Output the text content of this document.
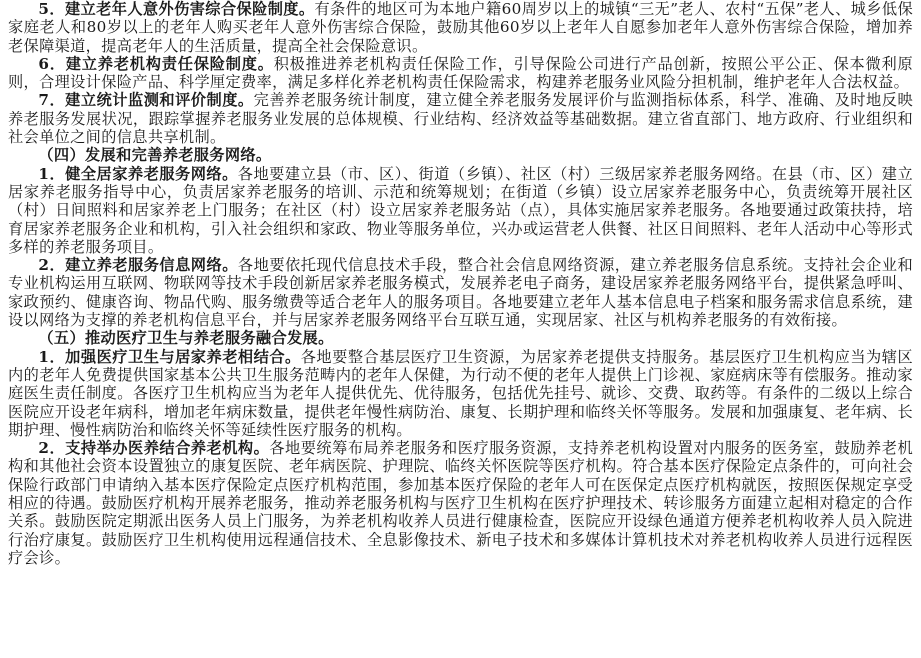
5．建立老年人意外伤害综合保险制度。有条件的地区可为本地户籍60周岁以上的城镇“三无”老人、农村“五保”老人、城乡低保家庭老人和80岁以上的老年人购买老年人意外伤害综合保险，鼓励其他60岁以上老年人自愿参加老年人意外伤害综合保险，增加养老保障渠道，提高老年人的生活质量，提高全社会保险意识。

6．建立养老机构责任保险制度。积极推进养老机构责任保险工作，引导保险公司进行产品创新，按照公平公正、保本微利原则，合理设计保险产品、科学厘定费率，满足多样化养老机构责任保险需求，构建养老服务业风险分担机制，维护老年人合法权益。

7．建立统计监测和评价制度。完善养老服务统计制度，建立健全养老服务发展评价与监测指标体系，科学、准确、及时地反映养老服务发展状况，跟踪掌握养老服务业发展的总体规模、行业结构、经济效益等基础数据。建立省直部门、地方政府、行业组织和社会单位之间的信息共享机制。

（四）发展和完善养老服务网络。

1．健全居家养老服务网络。各地要建立县（市、区）、街道（乡镇）、社区（村）三级居家养老服务网络。在县（市、区）建立居家养老服务指导中心，负责居家养老服务的培训、示范和统筹规划；在街道（乡镇）设立居家养老服务中心，负责统筹开展社区（村）日间照料和居家养老上门服务；在社区（村）设立居家养老服务站（点），具体实施居家养老服务。各地要通过政策扶持，培育居家养老服务企业和机构，引入社会组织和家政、物业等服务单位，兴办或运营老人供餐、社区日间照料、老年人活动中心等形式多样的养老服务项目。

2．建立养老服务信息网络。各地要依托现代信息技术手段，整合社会信息网络资源，建立养老服务信息系统。支持社会企业和专业机构运用互联网、物联网等技术手段创新居家养老服务模式，发展养老电子商务，建设居家养老服务网络平台，提供紧急呼叫、家政预约、健康咨询、物品代购、服务缴费等适合老年人的服务项目。各地要建立老年人基本信息电子档案和服务需求信息系统，建设以网络为支撑的养老机构信息平台，并与居家养老服务网络平台互联互通，实现居家、社区与机构养老服务的有效衔接。

（五）推动医疗卫生与养老服务融合发展。

1．加强医疗卫生与居家养老相结合。各地要整合基层医疗卫生资源，为居家养老提供支持服务。基层医疗卫生机构应当为辖区内的老年人免费提供国家基本公共卫生服务范畴内的老年人保健，为行动不便的老年人提供上门诊视、家庭病床等有偿服务。推动家庭医生责任制度。各医疗卫生机构应当为老年人提供优先、优待服务，包括优先挂号、就诊、交费、取药等。有条件的二级以上综合医院应开设老年病科，增加老年病床数量，提供老年慢性病防治、康复、长期护理和临终关怀等服务。发展和加强康复、老年病、长期护理、慢性病防治和临终关怀等延续性医疗服务的机构。

2．支持举办医养结合养老机构。各地要统筹布局养老服务和医疗服务资源，支持养老机构设置对内服务的医务室，鼓励养老机构和其他社会资本设置独立的康复医院、老年病医院、护理院、临终关怀医院等医疗机构。符合基本医疗保险定点条件的，可向社会保险行政部门申请纳入基本医疗保险定点医疗机构范围，参加基本医疗保险的老年人可在医保定点医疗机构就医，按照医保规定享受相应的待遇。鼓励医疗机构开展养老服务，推动养老服务机构与医疗卫生机构在医疗护理技术、转诊服务方面建立起相对稳定的合作关系。鼓励医院定期派出医务人员上门服务，为养老机构收养人员进行健康检查，医院应开设绿色通道方便养老机构收养人员入院进行治疗康复。鼓励医疗卫生机构使用远程通信技术、全息影像技术、新电子技术和多媒体计算机技术对养老机构收养人员进行远程医疗会诊。
